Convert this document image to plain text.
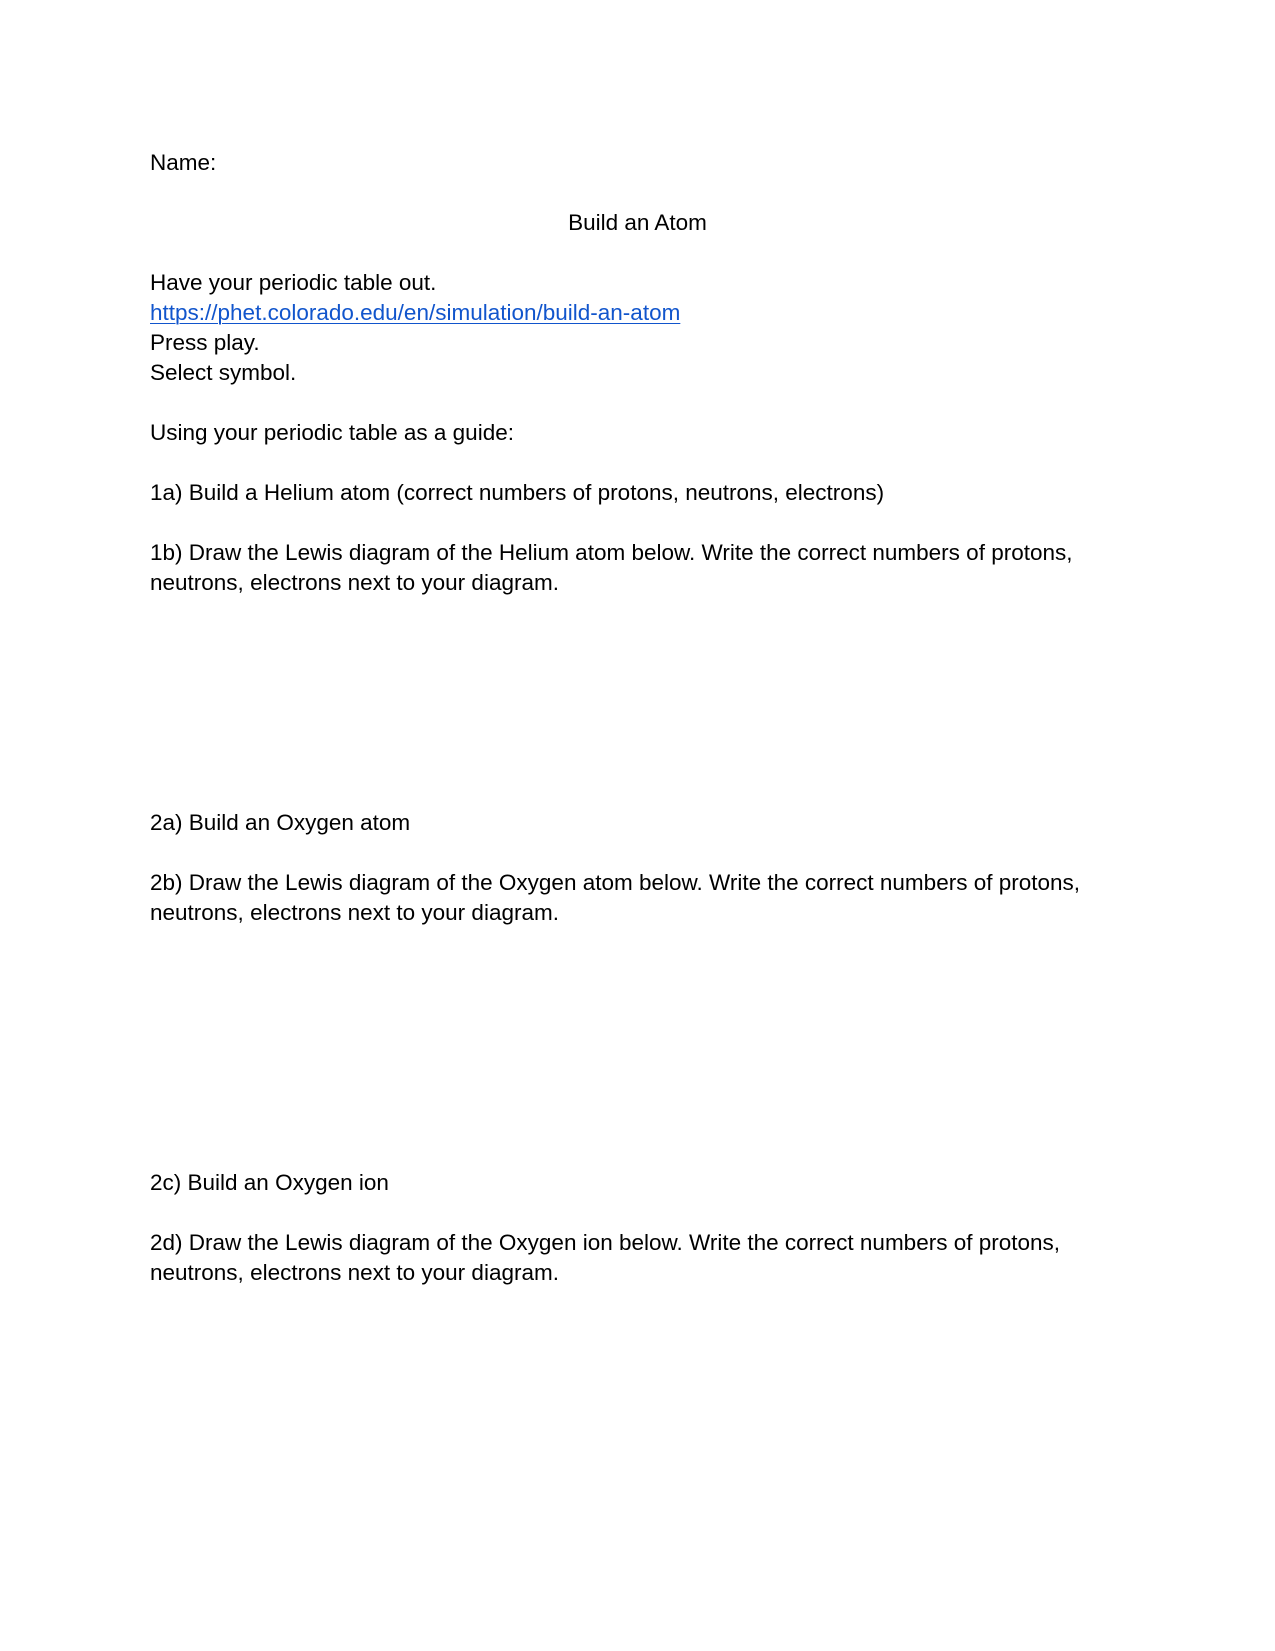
Name:
Build an Atom
Have your periodic table out.
https://phet.colorado.edu/en/simulation/build-an-atom
Press play.
Select symbol.
Using your periodic table as a guide:
1a) Build a Helium atom (correct numbers of protons, neutrons, electrons)
1b) Draw the Lewis diagram of the Helium atom below. Write the correct numbers of protons,
neutrons, electrons next to your diagram.
2a) Build an Oxygen atom
2b) Draw the Lewis diagram of the Oxygen atom below. Write the correct numbers of protons,
neutrons, electrons next to your diagram.
2c) Build an Oxygen ion
2d) Draw the Lewis diagram of the Oxygen ion below. Write the correct numbers of protons,
neutrons, electrons next to your diagram.
